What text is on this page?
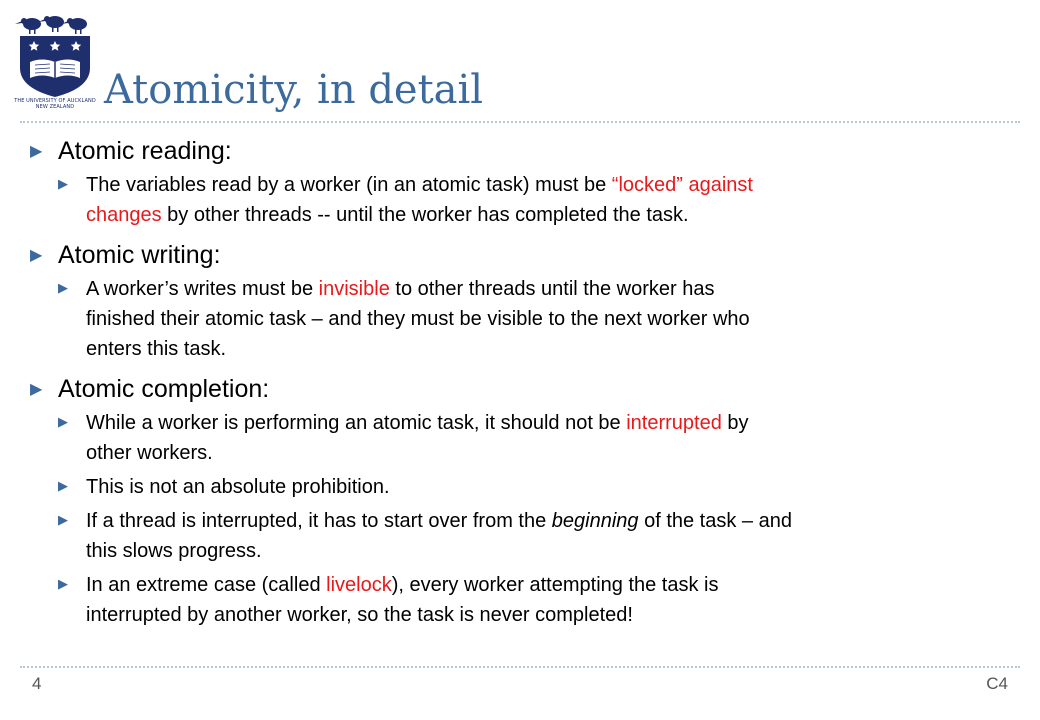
THE UNIVERSITY OF AUCKLAND
NEW ZEALAND Atomicity, in detail
▶ Atomic reading:
▶ The variables read by a worker (in an atomic task) must be “locked” against
changes by other threads -- until the worker has completed the task.
▶ Atomic writing:
▶ A worker’s writes must be invisible to other threads until the worker has
finished their atomic task – and they must be visible to the next worker who
enters this task.
▶ Atomic completion:
▶ While a worker is performing an atomic task, it should not be interrupted by
other workers.
▶ This is not an absolute prohibition.
▶ If a thread is interrupted, it has to start over from the beginning of the task – and
this slows progress.
▶ In an extreme case (called livelock), every worker attempting the task is
interrupted by another worker, so the task is never completed!
4	C4
